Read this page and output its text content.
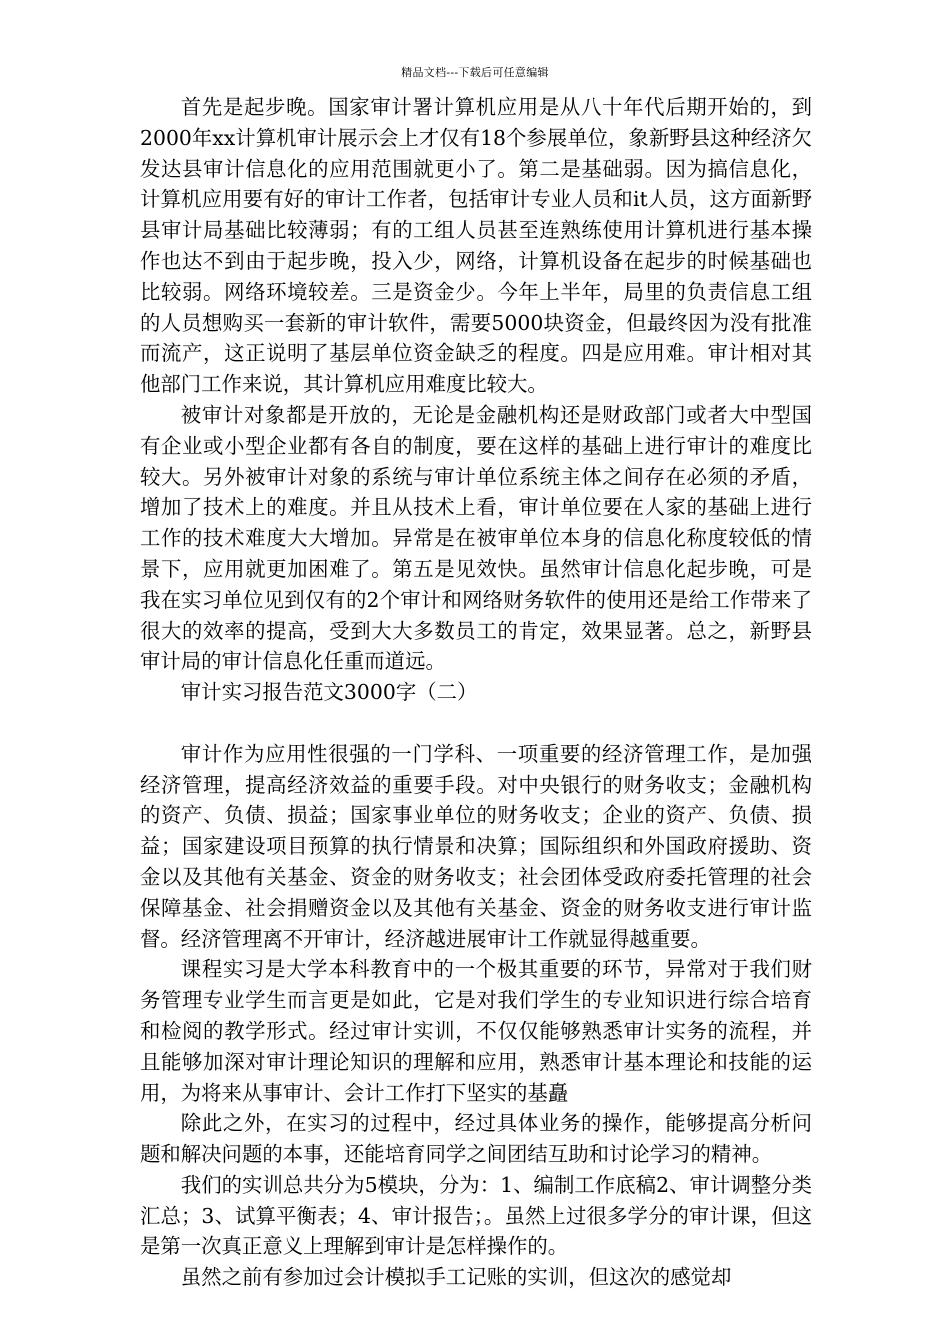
精品文档---下载后可任意编辑

首先是起步晚。国家审计署计算机应用是从八十年代后期开始的，到2000年xx计算机审计展示会上才仅有18个参展单位，象新野县这种经济欠发达县审计信息化的应用范围就更小了。第二是基础弱。因为搞信息化，计算机应用要有好的审计工作者，包括审计专业人员和it人员，这方面新野县审计局基础比较薄弱；有的工组人员甚至连熟练使用计算机进行基本操作也达不到由于起步晚，投入少，网络，计算机设备在起步的时候基础也比较弱。网络环境较差。三是资金少。今年上半年，局里的负责信息工组的人员想购买一套新的审计软件，需要5000块资金，但最终因为没有批准而流产，这正说明了基层单位资金缺乏的程度。四是应用难。审计相对其他部门工作来说，其计算机应用难度比较大。

被审计对象都是开放的，无论是金融机构还是财政部门或者大中型国有企业或小型企业都有各自的制度，要在这样的基础上进行审计的难度比较大。另外被审计对象的系统与审计单位系统主体之间存在必须的矛盾，增加了技术上的难度。并且从技术上看，审计单位要在人家的基础上进行工作的技术难度大大增加。异常是在被审单位本身的信息化称度较低的情景下，应用就更加困难了。第五是见效快。虽然审计信息化起步晚，可是我在实习单位见到仅有的2个审计和网络财务软件的使用还是给工作带来了很大的效率的提高，受到大大多数员工的肯定，效果显著。总之，新野县审计局的审计信息化任重而道远。

审计实习报告范文3000字（二）

审计作为应用性很强的一门学科、一项重要的经济管理工作，是加强经济管理，提高经济效益的重要手段。对中央银行的财务收支；金融机构的资产、负债、损益；国家事业单位的财务收支；企业的资产、负债、损益；国家建设项目预算的执行情景和决算；国际组织和外国政府援助、资金以及其他有关基金、资金的财务收支；社会团体受政府委托管理的社会保障基金、社会捐赠资金以及其他有关基金、资金的财务收支进行审计监督。经济管理离不开审计，经济越进展审计工作就显得越重要。

课程实习是大学本科教育中的一个极其重要的环节，异常对于我们财务管理专业学生而言更是如此，它是对我们学生的专业知识进行综合培育和检阅的教学形式。经过审计实训，不仅仅能够熟悉审计实务的流程，并且能够加深对审计理论知识的理解和应用，熟悉审计基本理论和技能的运用，为将来从事审计、会计工作打下坚实的基矗

除此之外，在实习的过程中，经过具体业务的操作，能够提高分析问题和解决问题的本事，还能培育同学之间团结互助和讨论学习的精神。

我们的实训总共分为5模块，分为：1、编制工作底稿2、审计调整分类汇总；3、试算平衡表；4、审计报告；。虽然上过很多学分的审计课，但这是第一次真正意义上理解到审计是怎样操作的。

虽然之前有参加过会计模拟手工记账的实训，但这次的感觉却
